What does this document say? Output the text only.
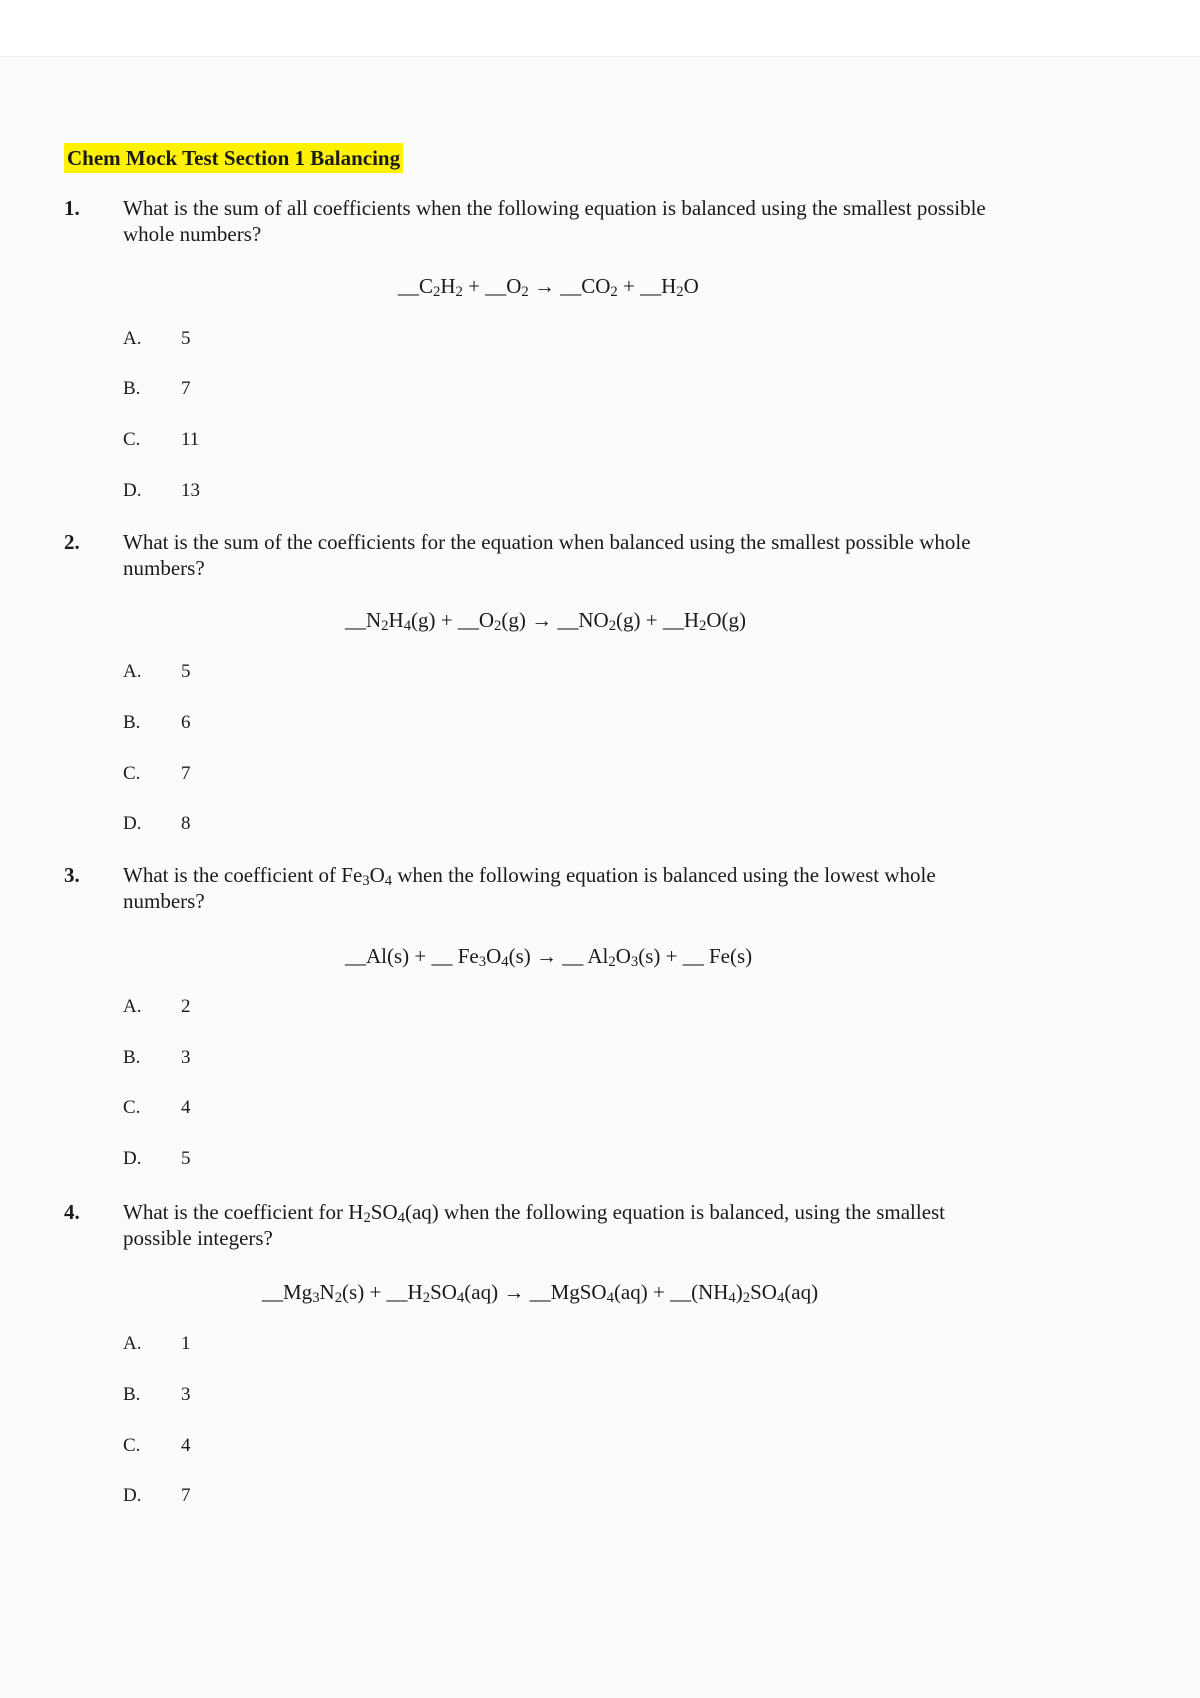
Chem Mock Test Section 1 Balancing
1. What is the sum of all coefficients when the following equation is balanced using the smallest possible
whole numbers?
$\_\_C_2H_2$ + $\_\_O_2$ → $\_\_CO_2$ + $\_\_H_2O$
A. 5
B. 7
C. 11
D. 13
2. What is the sum of the coefficients for the equation when balanced using the smallest possible whole
numbers?
$\_\_N_2H_4(g)$ + $\_\_O_2(g)$ → $\_\_NO_2(g)$ + $\_\_H_2O(g)$
A. 5
B. 6
C. 7
D. 8
3. What is the coefficient of $Fe_3O_4$ when the following equation is balanced using the lowest whole
numbers?
__Al(s) + __ $Fe_3O_4(s)$ → __ $Al_2O_3(s)$ + __ Fe(s)
A. 2
B. 3
C. 4
D. 5
4. What is the coefficient for $H_2SO_4(aq)$ when the following equation is balanced, using the smallest
possible integers?
$\_\_Mg_3N_2(s)$ + $\_\_H_2SO_4(aq)$ → __MgSO$_4$(aq) + $\_\_(NH_4)_2SO_4(aq)$
A. 1
B. 3
C. 4
D. 7
